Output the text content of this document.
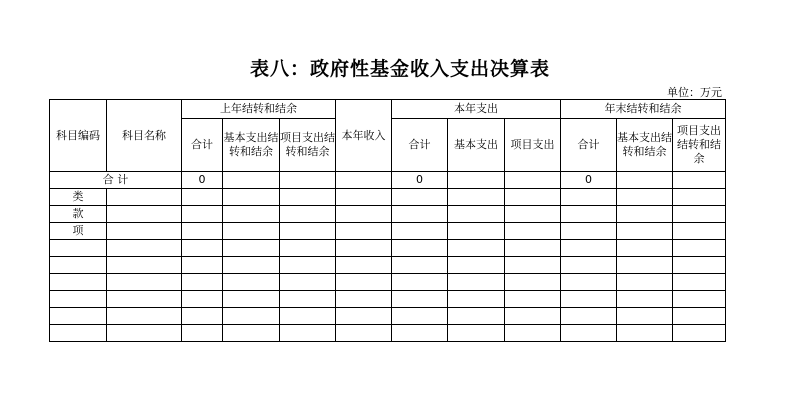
表八：政府性基金收入支出决算表
单位：万元
科目编码	科目名称	上年结转和结余			本年收入	本年支出			年末结转和结余		
		合计	基本支出结转和结余	项目支出结转和结余		合计	基本支出	项目支出	合计	基本支出结转和结余	项目支出结转和结余
合 计		0				0			0		
类											
款											
项											
